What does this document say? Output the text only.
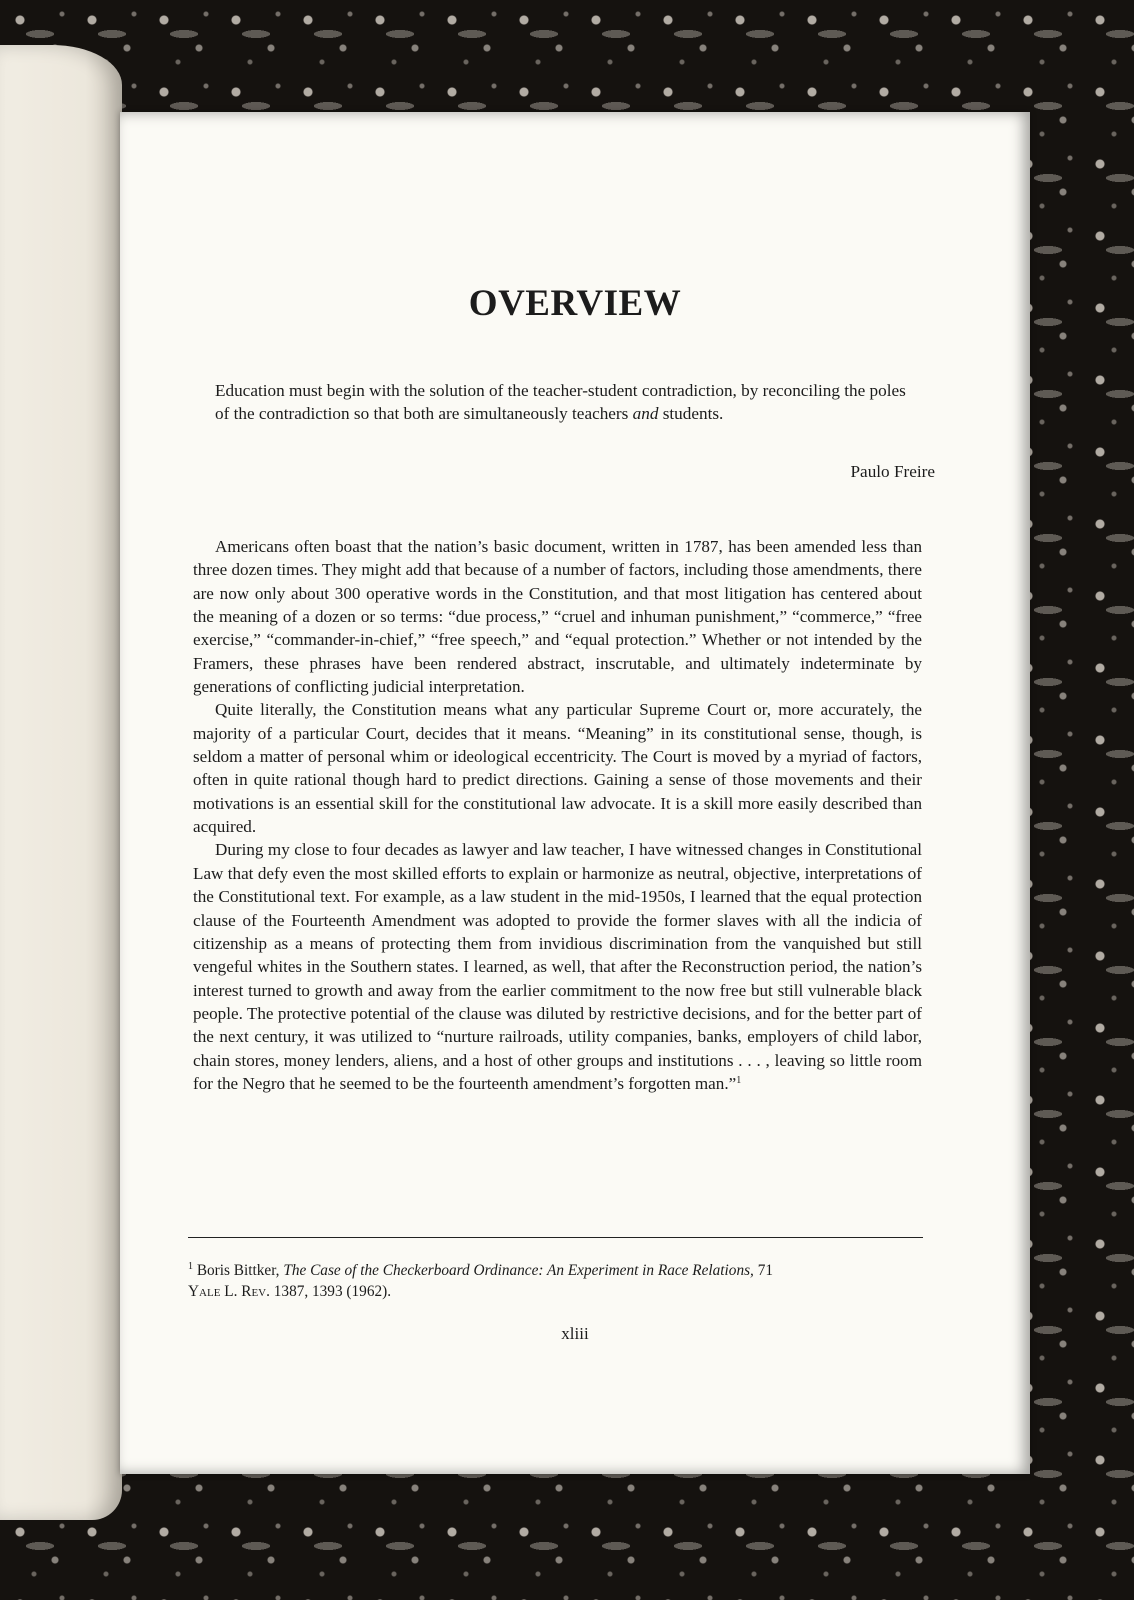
OVERVIEW

Education must begin with the solution of the teacher-student contradiction, by reconciling the poles of the contradiction so that both are simultaneously teachers and students.

Paulo Freire

Americans often boast that the nation’s basic document, written in 1787, has been amended less than three dozen times. They might add that because of a number of factors, including those amendments, there are now only about 300 operative words in the Constitution, and that most litigation has centered about the meaning of a dozen or so terms: “due process,” “cruel and inhuman punishment,” “commerce,” “free exercise,” “commander-in-chief,” “free speech,” and “equal protection.” Whether or not intended by the Framers, these phrases have been rendered abstract, inscrutable, and ultimately indeterminate by generations of conflicting judicial interpretation.

Quite literally, the Constitution means what any particular Supreme Court or, more accurately, the majority of a particular Court, decides that it means. “Meaning” in its constitutional sense, though, is seldom a matter of personal whim or ideological eccentricity. The Court is moved by a myriad of factors, often in quite rational though hard to predict directions. Gaining a sense of those movements and their motivations is an essential skill for the constitutional law advocate. It is a skill more easily described than acquired.

During my close to four decades as lawyer and law teacher, I have witnessed changes in Constitutional Law that defy even the most skilled efforts to explain or harmonize as neutral, objective, interpretations of the Constitutional text. For example, as a law student in the mid-1950s, I learned that the equal protection clause of the Fourteenth Amendment was adopted to provide the former slaves with all the indicia of citizenship as a means of protecting them from invidious discrimination from the vanquished but still vengeful whites in the Southern states. I learned, as well, that after the Reconstruction period, the nation’s interest turned to growth and away from the earlier commitment to the now free but still vulnerable black people. The protective potential of the clause was diluted by restrictive decisions, and for the better part of the next century, it was utilized to “nurture railroads, utility companies, banks, employers of child labor, chain stores, money lenders, aliens, and a host of other groups and institutions . . . , leaving so little room for the Negro that he seemed to be the fourteenth amendment’s forgotten man.”$^1$

$^1$ Boris Bittker, The Case of the Checkerboard Ordinance: An Experiment in Race Relations, 71
Yale L. Rev. 1387, 1393 (1962).

xliii
